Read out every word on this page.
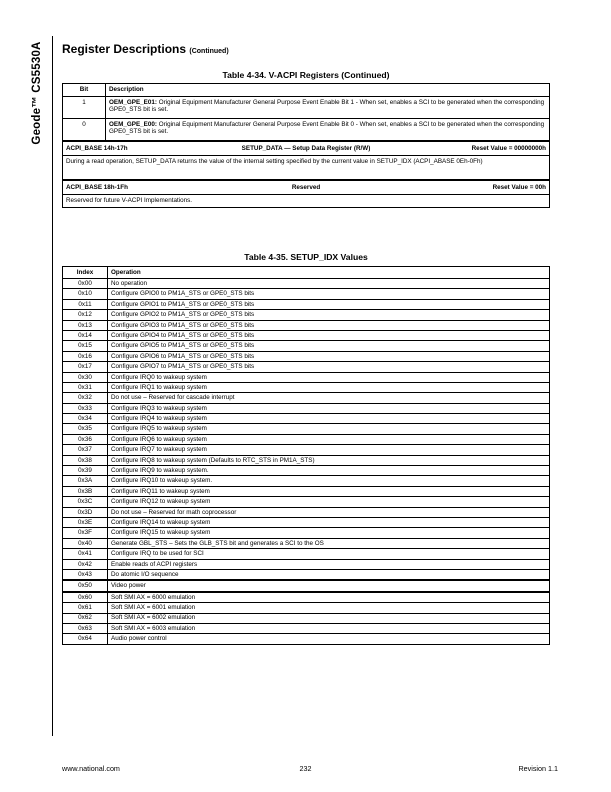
Geode™ CS5530A Register Descriptions (Continued)
Table 4-34. V-ACPI Registers (Continued)
Bit	Description
1	OEM_GPE_E01: Original Equipment Manufacturer General Purpose Event Enable Bit 1 - When set, enables a SCI to be generated when the corresponding GPE0_STS bit is set.
0	OEM_GPE_E00: Original Equipment Manufacturer General Purpose Event Enable Bit 0 - When set, enables a SCI to be generated when the corresponding GPE0_STS bit is set.

ACPI_BASE 14h-17h SETUP_DATA — Setup Data Register (R/W) Reset Value = 00000000h	

During a read operation, SETUP_DATA returns the value of the internal setting specified by the current value in SETUP_IDX (ACPI_ABASE 0Eh-0Fh)	

ACPI_BASE 18h-1Fh Reserved Reset Value = 00h	

Reserved for future V-ACPI Implementations.	
Table 4-35. SETUP_IDX Values
Index	Operation
0x00	No operation
0x10	Configure GPIO0 to PM1A_STS or GPE0_STS bits
0x11	Configure GPIO1 to PM1A_STS or GPE0_STS bits
0x12	Configure GPIO2 to PM1A_STS or GPE0_STS bits
0x13	Configure GPIO3 to PM1A_STS or GPE0_STS bits
0x14	Configure GPIO4 to PM1A_STS or GPE0_STS bits
0x15	Configure GPIO5 to PM1A_STS or GPE0_STS bits
0x16	Configure GPIO6 to PM1A_STS or GPE0_STS bits
0x17	Configure GPIO7 to PM1A_STS or GPE0_STS bits
0x30	Configure IRQ0 to wakeup system
0x31	Configure IRQ1 to wakeup system
0x32	Do not use – Reserved for cascade interrupt
0x33	Configure IRQ3 to wakeup system
0x34	Configure IRQ4 to wakeup system
0x35	Configure IRQ5 to wakeup system
0x36	Configure IRQ6 to wakeup system
0x37	Configure IRQ7 to wakeup system
0x38	Configure IRQ8 to wakeup system (Defaults to RTC_STS in PM1A_STS)
0x39	Configure IRQ9 to wakeup system.
0x3A	Configure IRQ10 to wakeup system.
0x3B	Configure IRQ11 to wakeup system
0x3C	Configure IRQ12 to wakeup system
0x3D	Do not use – Reserved for math coprocessor
0x3E	Configure IRQ14 to wakeup system
0x3F	Configure IRQ15 to wakeup system
0x40	Generate GBL_STS – Sets the GLB_STS bit and generates a SCI to the OS
0x41	Configure IRQ to be used for SCI
0x42	Enable reads of ACPI registers
0x43	Do atomic I/O sequence
0x50	Video power
0x60	Soft SMI AX = 6000 emulation
0x61	Soft SMI AX = 6001 emulation
0x62	Soft SMI AX = 6002 emulation
0x63	Soft SMI AX = 6003 emulation
0x64	Audio power control
www.national.com	232	Revision 1.1
